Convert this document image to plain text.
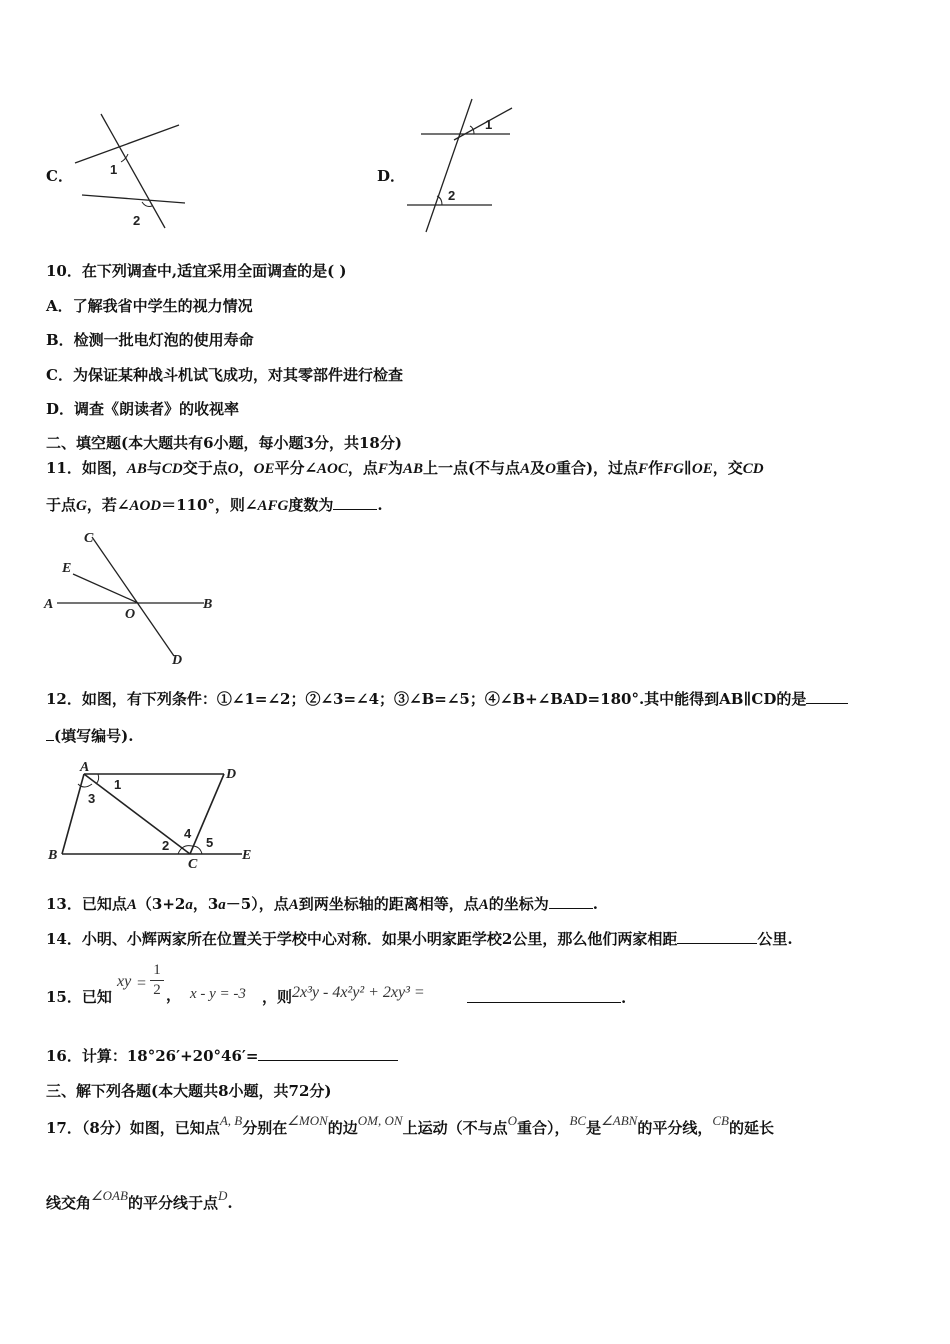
C．	1
2
D．
1
2
10．在下列调查中,适宜采用全面调查的是( )
A．了解我省中学生的视力情况
B．检测一批电灯泡的使用寿命
C．为保证某种战斗机试飞成功，对其零部件进行检查
D．调查《朗读者》的收视率
二、填空题(本大题共有6小题，每小题3分，共18分)
11．如图，AB与CD交于点O，OE平分∠AOC，点F为AB上一点(不与点A及O重合)，过点F作FG∥OE，交CD
于点G，若∠AOD＝110°，则∠AFG度数为	.
C
E
A
O
B
D
12．如图，有下列条件：①∠1=∠2；②∠3=∠4；③∠B=∠5；④∠B+∠BAD=180°.其中能得到AB∥CD的是
(填写编号).
A	D
B
C
E
1
2
3
4
5
13．已知点A（3+2a，3a－5），点A到两坐标轴的距离相等，点A的坐标为	.
14．小明、小辉两家所在位置关于学校中心对称．如果小明家距学校2公里，那么他们两家相距	公里.
15．已知
xy =
1
2 ， x - y = -3 ，则 2x³y - 4x²y² + 2xy³ =	.
16．计算：18°26′+20°46′=
三、解下列各题(本大题共8小题，共72分)
17．（8分）如图，已知点A, B分别在∠MON的边OM, ON上运动（不与点O重合），BC是∠ABN的平分线，CB的延长
线交角∠OAB的平分线于点D.
